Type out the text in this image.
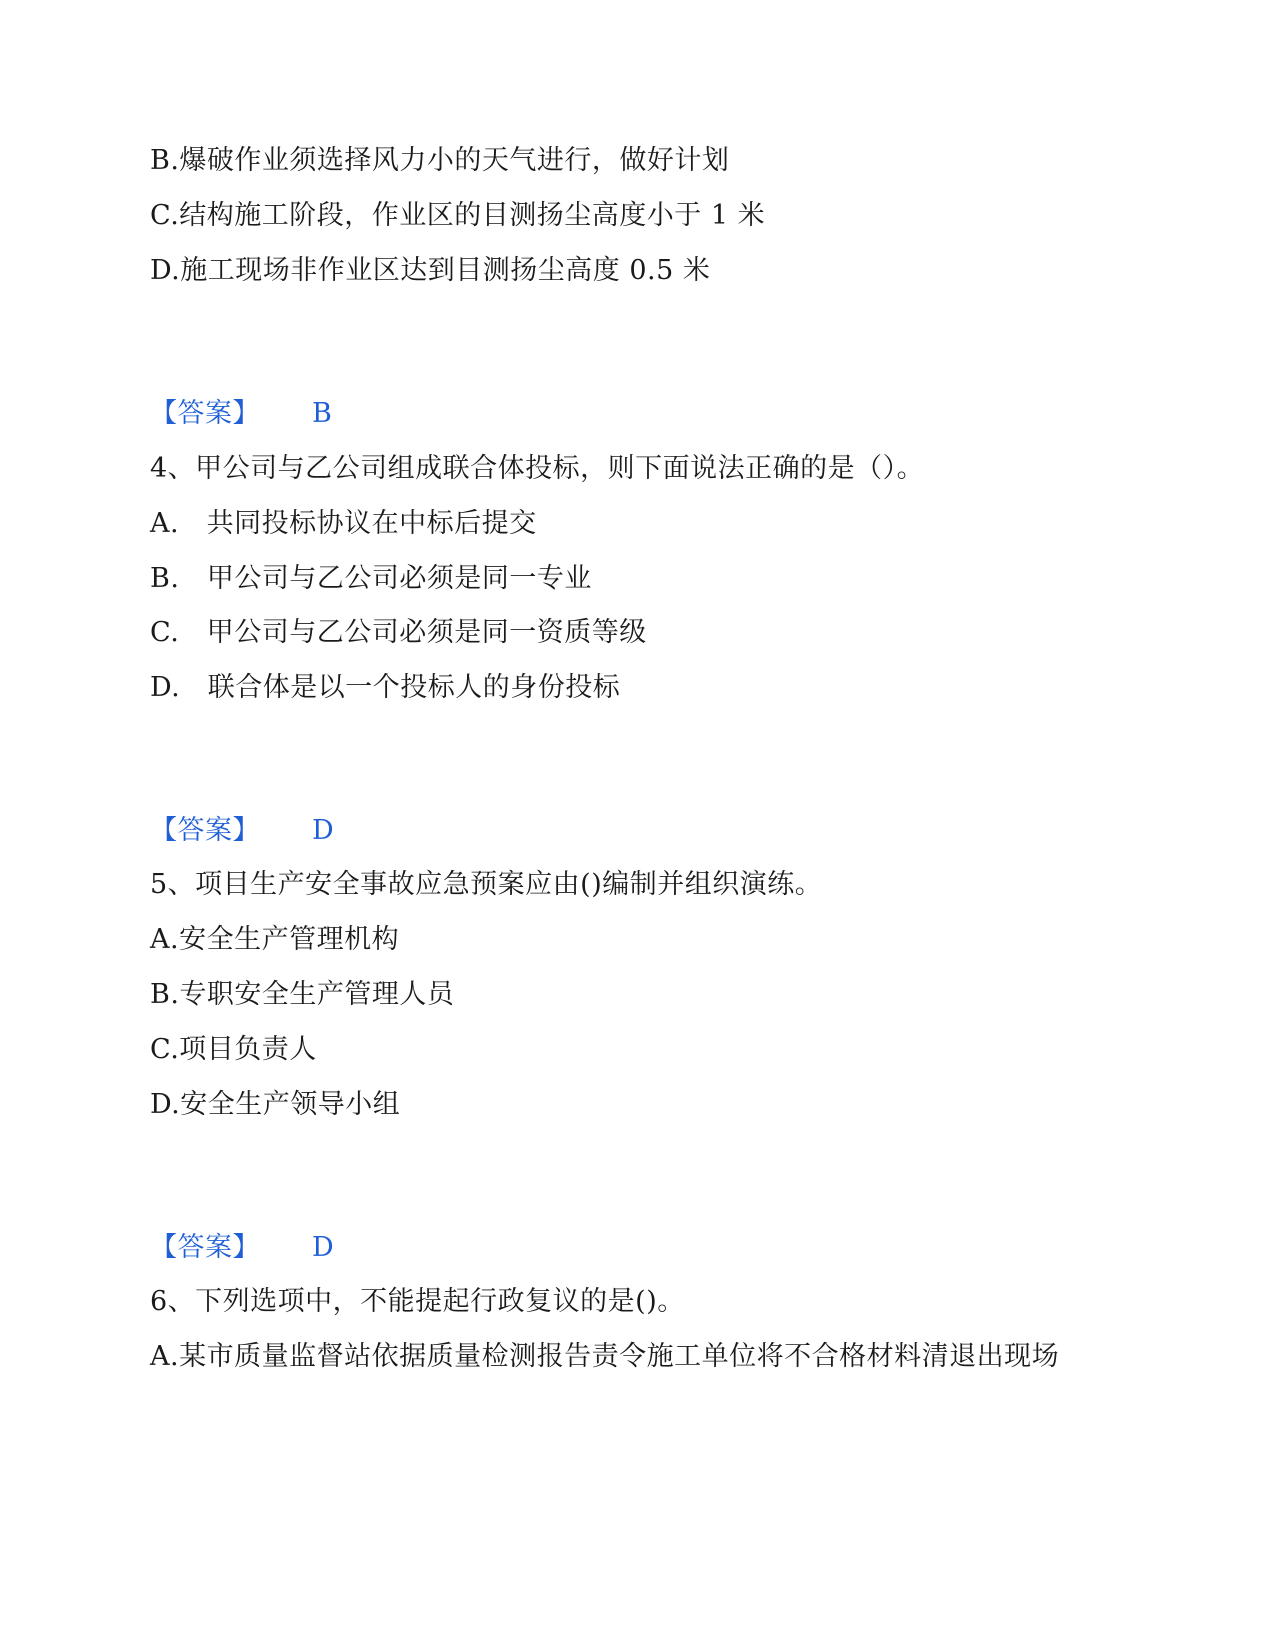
B.爆破作业须选择风力小的天气进行，做好计划
C.结构施工阶段，作业区的目测扬尘高度小于 1 米
D.施工现场非作业区达到目测扬尘高度 0.5 米
【答案】 B
4、甲公司与乙公司组成联合体投标，则下面说法正确的是（）。
A.　共同投标协议在中标后提交
B.　甲公司与乙公司必须是同一专业
C.　甲公司与乙公司必须是同一资质等级
D.　联合体是以一个投标人的身份投标
【答案】 D
5、项目生产安全事故应急预案应由()编制并组织演练。
A.安全生产管理机构
B.专职安全生产管理人员
C.项目负责人
D.安全生产领导小组
【答案】 D
6、下列选项中，不能提起行政复议的是()。
A.某市质量监督站依据质量检测报告责令施工单位将不合格材料清退出现场
